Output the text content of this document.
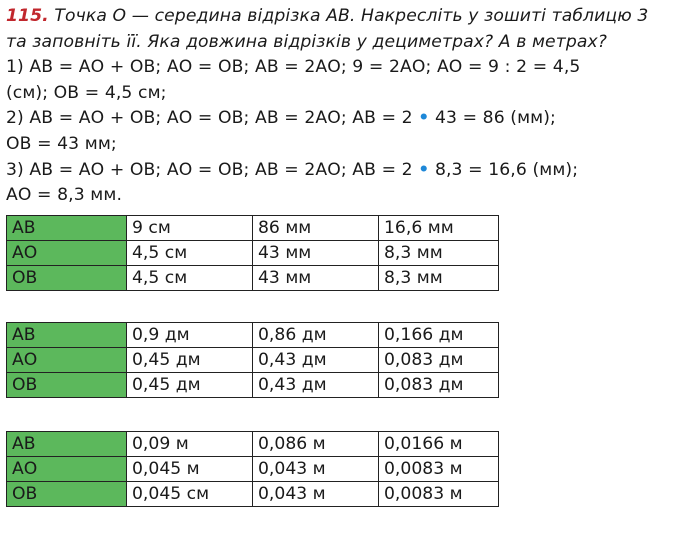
115. Точка О — середина відрізка АВ. Накресліть у зошиті таблицю 3
та заповніть її. Яка довжина відрізків у дециметрах? А в метрах?
1) АВ = АО + ОВ; АО = ОВ; АВ = 2АО; 9 = 2АО; АО = 9 : 2 = 4,5
(см); ОВ = 4,5 см;
2) АВ = АО + ОВ; АО = ОВ; АВ = 2АО; АВ = 2 • 43 = 86 (мм);
ОВ = 43 мм;
3) АВ = АО + ОВ; АО = ОВ; АВ = 2АО; АВ = 2 • 8,3 = 16,6 (мм);
АО = 8,3 мм.
АВ	9 см	86 мм	16,6 мм
АО	4,5 см	43 мм	8,3 мм
ОВ	4,5 см	43 мм	8,3 мм
АВ	0,9 дм	0,86 дм	0,166 дм
АО	0,45 дм	0,43 дм	0,083 дм
ОВ	0,45 дм	0,43 дм	0,083 дм
АВ	0,09 м	0,086 м	0,0166 м
АО	0,045 м	0,043 м	0,0083 м
ОВ	0,045 см	0,043 м	0,0083 м
